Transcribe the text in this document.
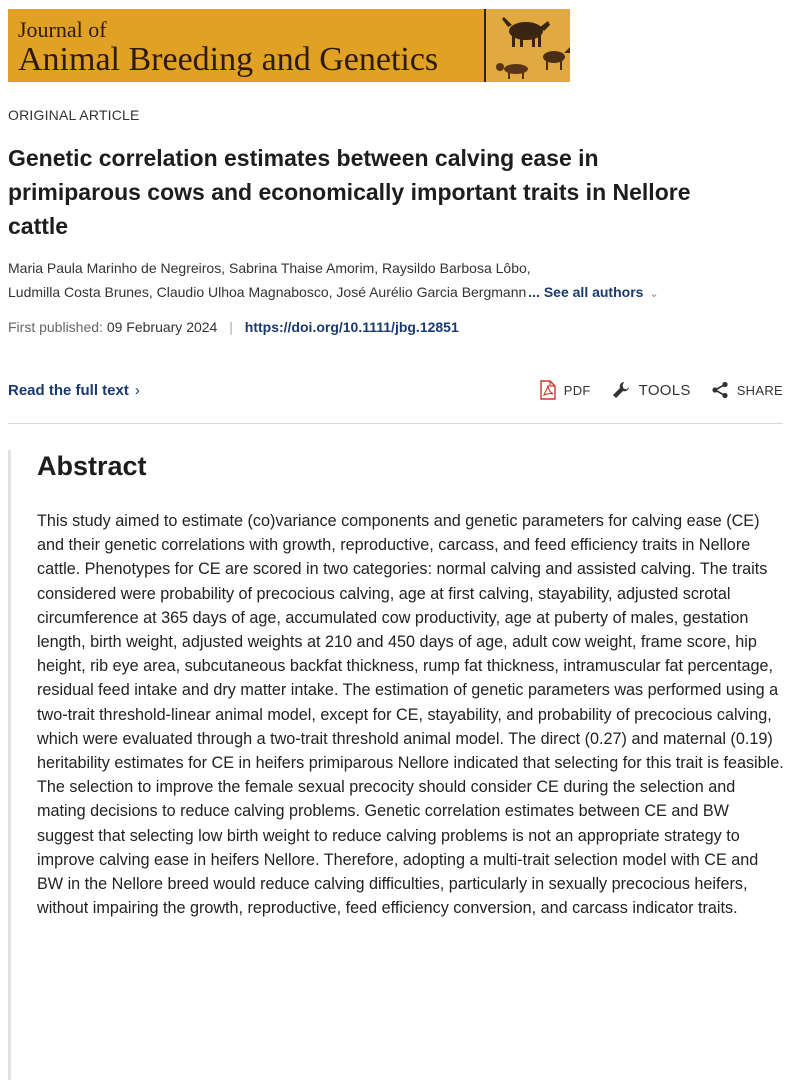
Journal of
Animal Breeding and Genetics
ORIGINAL ARTICLE
Genetic correlation estimates between calving ease in primiparous cows and economically important traits in Nellore cattle
Maria Paula Marinho de Negreiros, Sabrina Thaise Amorim, Raysildo Barbosa Lôbo,
Ludmilla Costa Brunes, Claudio Ulhoa Magnabosco, José Aurélio Garcia Bergmann ... See all authors ⌄
First published: 09 February 2024 | https://doi.org/10.1111/jbg.12851
Read the full text ›	PDF	TOOLS	SHARE
Abstract

This study aimed to estimate (co)variance components and genetic parameters for calving ease (CE) and their genetic correlations with growth, reproductive, carcass, and feed efficiency traits in Nellore cattle. Phenotypes for CE are scored in two categories: normal calving and assisted calving. The traits considered were probability of precocious calving, age at first calving, stayability, adjusted scrotal circumference at 365 days of age, accumulated cow productivity, age at puberty of males, gestation length, birth weight, adjusted weights at 210 and 450 days of age, adult cow weight, frame score, hip height, rib eye area, subcutaneous backfat thickness, rump fat thickness, intramuscular fat percentage, residual feed intake and dry matter intake. The estimation of genetic parameters was performed using a two-trait threshold-linear animal model, except for CE, stayability, and probability of precocious calving, which were evaluated through a two-trait threshold animal model. The direct (0.27) and maternal (0.19) heritability estimates for CE in heifers primiparous Nellore indicated that selecting for this trait is feasible. The selection to improve the female sexual precocity should consider CE during the selection and mating decisions to reduce calving problems. Genetic correlation estimates between CE and BW suggest that selecting low birth weight to reduce calving problems is not an appropriate strategy to improve calving ease in heifers Nellore. Therefore, adopting a multi-trait selection model with CE and BW in the Nellore breed would reduce calving difficulties, particularly in sexually precocious heifers, without impairing the growth, reproductive, feed efficiency conversion, and carcass indicator traits.
